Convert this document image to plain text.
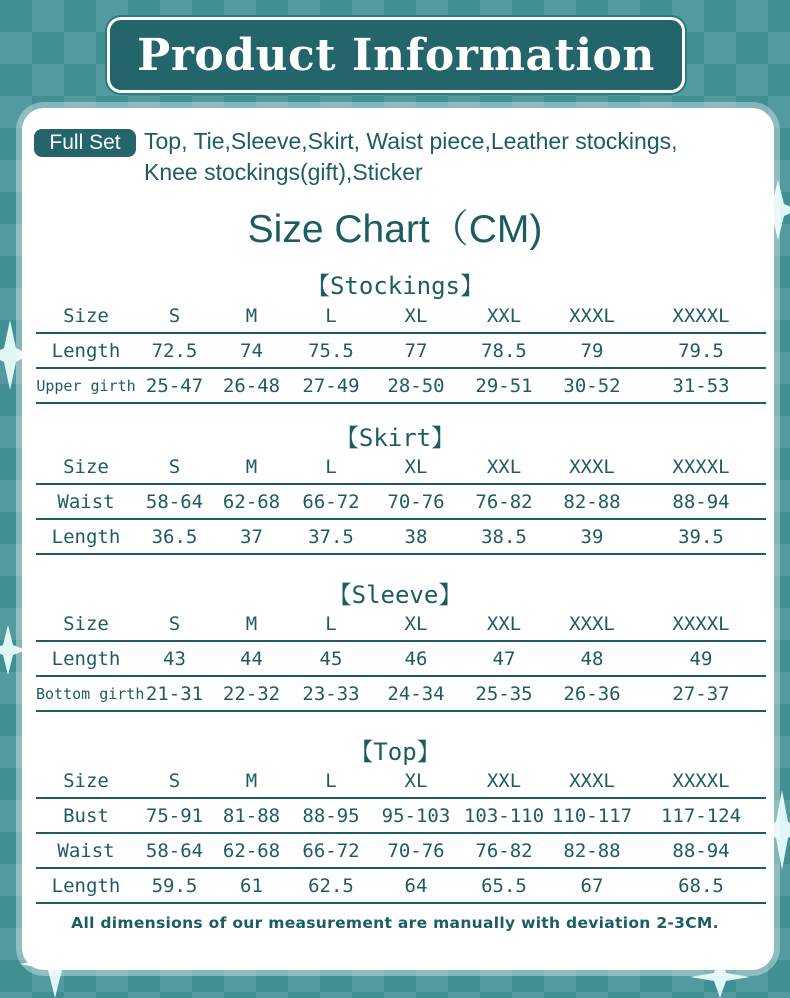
Product Information
Full Set	Top, Tie,Sleeve,Skirt, Waist piece,Leather stockings,
Knee stockings(gift),Sticker
Size Chart（CM)
【Stockings】
Size	S	M	L	XL	XXL	XXXL	XXXXL
Length	72.5	74	75.5	77	78.5	79	79.5
Upper girth	25-47	26-48	27-49	28-50	29-51	30-52	31-53
【Skirt】
Size	S	M	L	XL	XXL	XXXL	XXXXL
Waist	58-64	62-68	66-72	70-76	76-82	82-88	88-94
Length	36.5	37	37.5	38	38.5	39	39.5
【Sleeve】
Size	S	M	L	XL	XXL	XXXL	XXXXL
Length	43	44	45	46	47	48	49
Bottom girth	21-31	22-32	23-33	24-34	25-35	26-36	27-37
【Top】
Size	S	M	L	XL	XXL	XXXL	XXXXL
Bust	75-91	81-88	88-95	95-103	103-110	110-117	117-124
Waist	58-64	62-68	66-72	70-76	76-82	82-88	88-94
Length	59.5	61	62.5	64	65.5	67	68.5
All dimensions of our measurement are manually with deviation 2-3CM.
